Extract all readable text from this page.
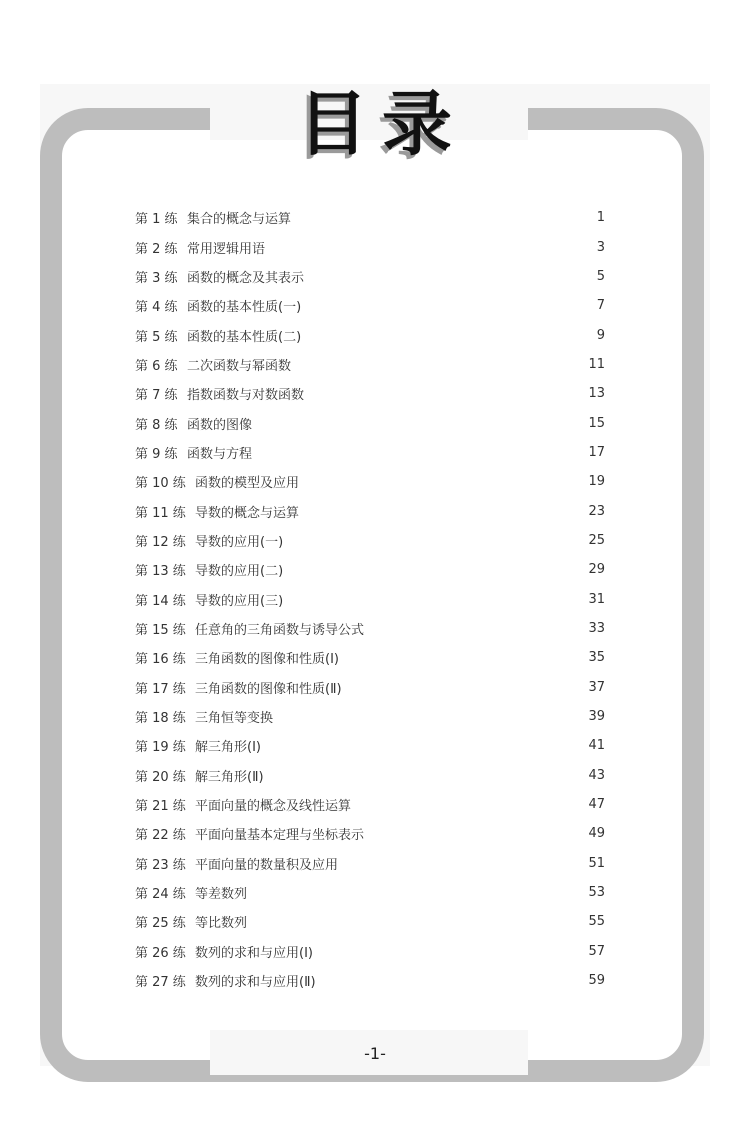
目 录
第 1 练 集合的概念与运算	1
第 2 练 常用逻辑用语	3
第 3 练 函数的概念及其表示	5
第 4 练 函数的基本性质(一)	7
第 5 练 函数的基本性质(二)	9
第 6 练 二次函数与幂函数	11
第 7 练 指数函数与对数函数	13
第 8 练 函数的图像	15
第 9 练 函数与方程	17
第 10 练 函数的模型及应用	19
第 11 练 导数的概念与运算	23
第 12 练 导数的应用(一)	25
第 13 练 导数的应用(二)	29
第 14 练 导数的应用(三)	31
第 15 练 任意角的三角函数与诱导公式	33
第 16 练 三角函数的图像和性质(Ⅰ)	35
第 17 练 三角函数的图像和性质(Ⅱ)	37
第 18 练 三角恒等变换	39
第 19 练 解三角形(Ⅰ)	41
第 20 练 解三角形(Ⅱ)	43
第 21 练 平面向量的概念及线性运算	47
第 22 练 平面向量基本定理与坐标表示	49
第 23 练 平面向量的数量积及应用	51
第 24 练 等差数列	53
第 25 练 等比数列	55
第 26 练 数列的求和与应用(Ⅰ)	57
第 27 练 数列的求和与应用(Ⅱ)	59
-1-
